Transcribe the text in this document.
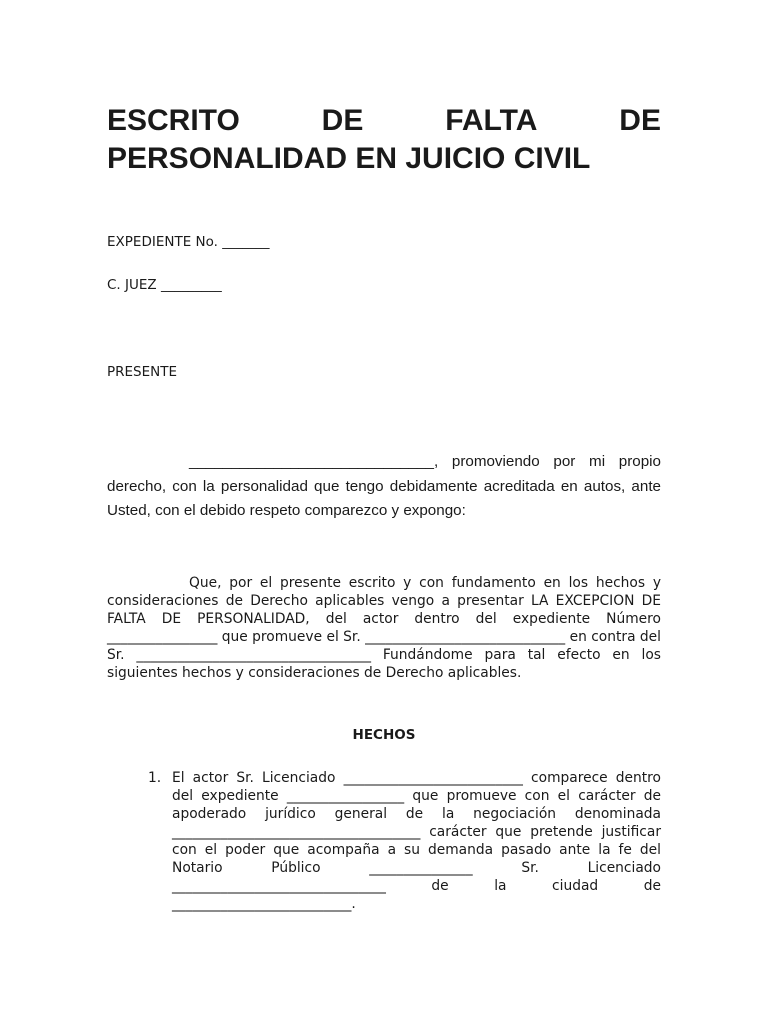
ESCRITO	DE	FALTA	DE
PERSONALIDAD EN JUICIO CIVIL

EXPEDIENTE No. _______

C. JUEZ _________

PRESENTE

_____________________________, promoviendo por mi propio derecho, con la personalidad que tengo debidamente acreditada en autos, ante Usted, con el debido respeto comparezco y expongo:

Que, por el presente escrito y con fundamento en los hechos y consideraciones de Derecho aplicables vengo a presentar LA EXCEPCION DE FALTA DE PERSONALIDAD, del actor dentro del expediente Número ________________ que promueve el Sr. _____________________________ en contra del Sr. __________________________________ Fundándome para tal efecto en los siguientes hechos y consideraciones de Derecho aplicables.

HECHOS

1. El actor Sr. Licenciado __________________________ comparece dentro del expediente _________________ que promueve con el carácter de apoderado jurídico general de la negociación denominada ____________________________________ carácter que pretende justificar con el poder que acompaña a su demanda pasado ante la fe del Notario Público _______________ Sr. Licenciado _______________________________ de la ciudad de __________________________.
